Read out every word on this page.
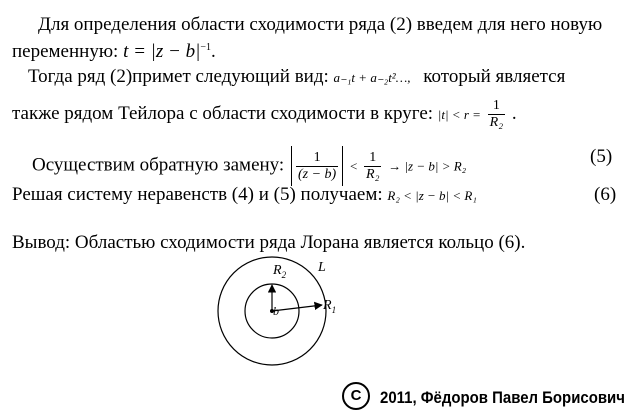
Для определения области сходимости ряда (2) введем для него новую
переменную: $t = |z - b|^{-1}$.
Тогда ряд (2)примет следующий вид: a₋₁t + a₋₂t²…, который является
также рядом Тейлора с области сходимости в круге: $|t| < r = \frac{1}{\text{R₂}}$ .
Осуществим обратную замену: $\frac{1}{(z - b)} < \frac{1}{\text{R₂}} \to |z - b| > R_2$	(5)
Решая систему неравенств (4) и (5) получаем: R₂ < |z − b| < R₁	(6)
Вывод: Областью сходимости ряда Лорана является кольцо (6).
$R_2$ L
$R_1$
b
C	2011, Фёдоров Павел Борисович
